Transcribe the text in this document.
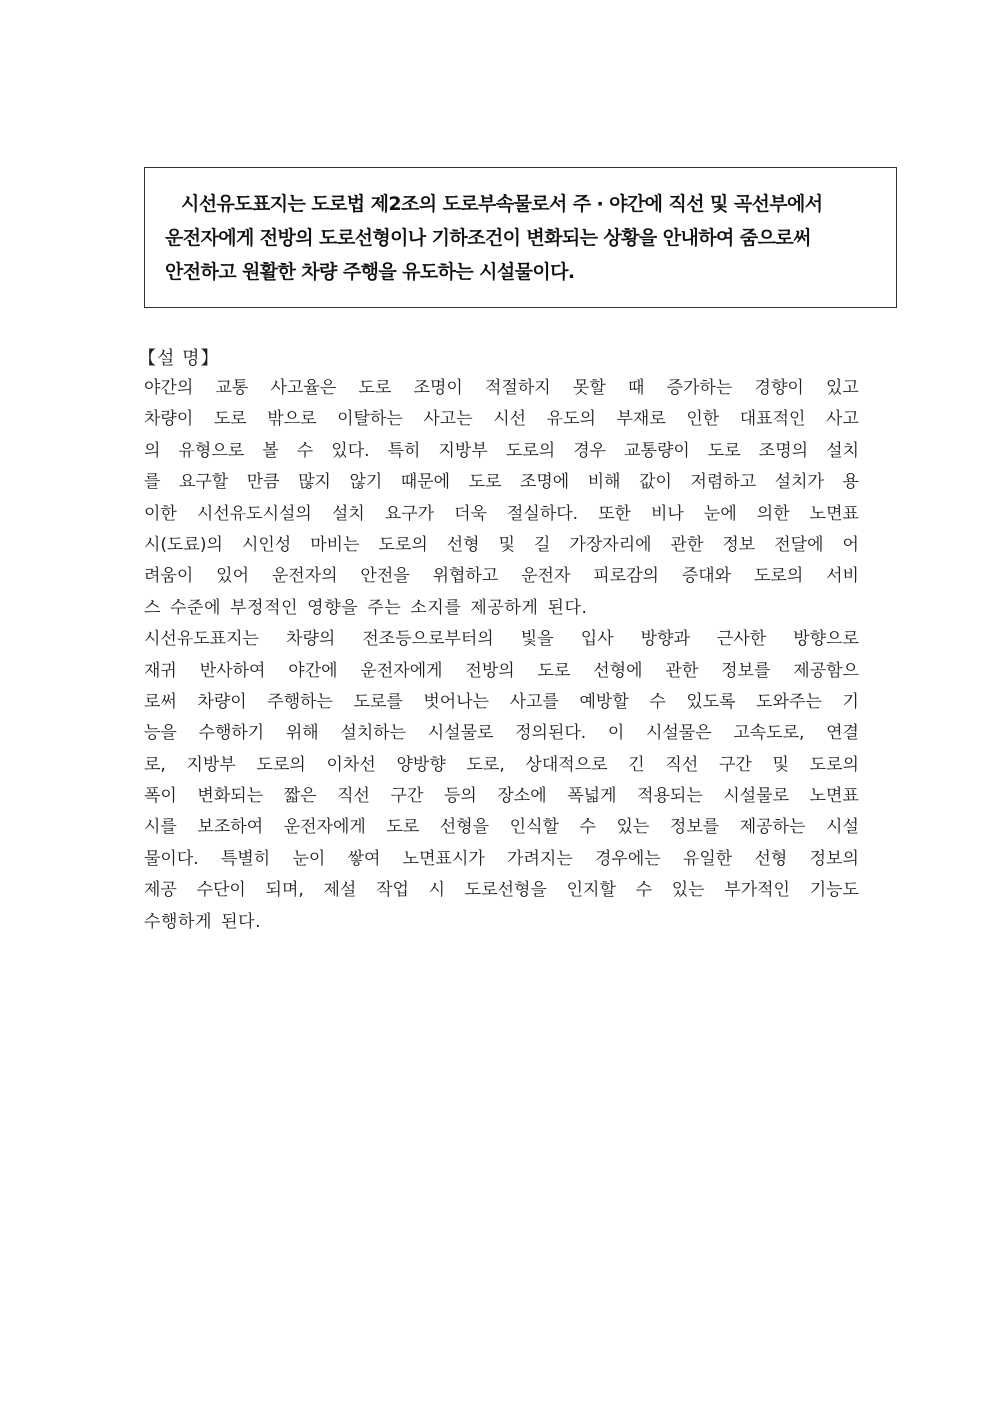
시선유도표지는 도로법 제2조의 도로부속물로서 주 · 야간에 직선 및 곡선부에서
운전자에게 전방의 도로선형이나 기하조건이 변화되는 상황을 안내하여 줌으로써
안전하고 원활한 차량 주행을 유도하는 시설물이다.
【설 명】
야간의 교통 사고율은 도로 조명이 적절하지 못할 때 증가하는 경향이 있고
차량이 도로 밖으로 이탈하는 사고는 시선 유도의 부재로 인한 대표적인 사고
의 유형으로 볼 수 있다. 특히 지방부 도로의 경우 교통량이 도로 조명의 설치
를 요구할 만큼 많지 않기 때문에 도로 조명에 비해 값이 저렴하고 설치가 용
이한 시선유도시설의 설치 요구가 더욱 절실하다. 또한 비나 눈에 의한 노면표
시(도료)의 시인성 마비는 도로의 선형 및 길 가장자리에 관한 정보 전달에 어
려움이 있어 운전자의 안전을 위협하고 운전자 피로감의 증대와 도로의 서비
스 수준에 부정적인 영향을 주는 소지를 제공하게 된다.
시선유도표지는 차량의 전조등으로부터의 빛을 입사 방향과 근사한 방향으로
재귀 반사하여 야간에 운전자에게 전방의 도로 선형에 관한 정보를 제공함으
로써 차량이 주행하는 도로를 벗어나는 사고를 예방할 수 있도록 도와주는 기
능을 수행하기 위해 설치하는 시설물로 정의된다. 이 시설물은 고속도로, 연결
로, 지방부 도로의 이차선 양방향 도로, 상대적으로 긴 직선 구간 및 도로의
폭이 변화되는 짧은 직선 구간 등의 장소에 폭넓게 적용되는 시설물로 노면표
시를 보조하여 운전자에게 도로 선형을 인식할 수 있는 정보를 제공하는 시설
물이다. 특별히 눈이 쌓여 노면표시가 가려지는 경우에는 유일한 선형 정보의
제공 수단이 되며, 제설 작업 시 도로선형을 인지할 수 있는 부가적인 기능도
수행하게 된다.
